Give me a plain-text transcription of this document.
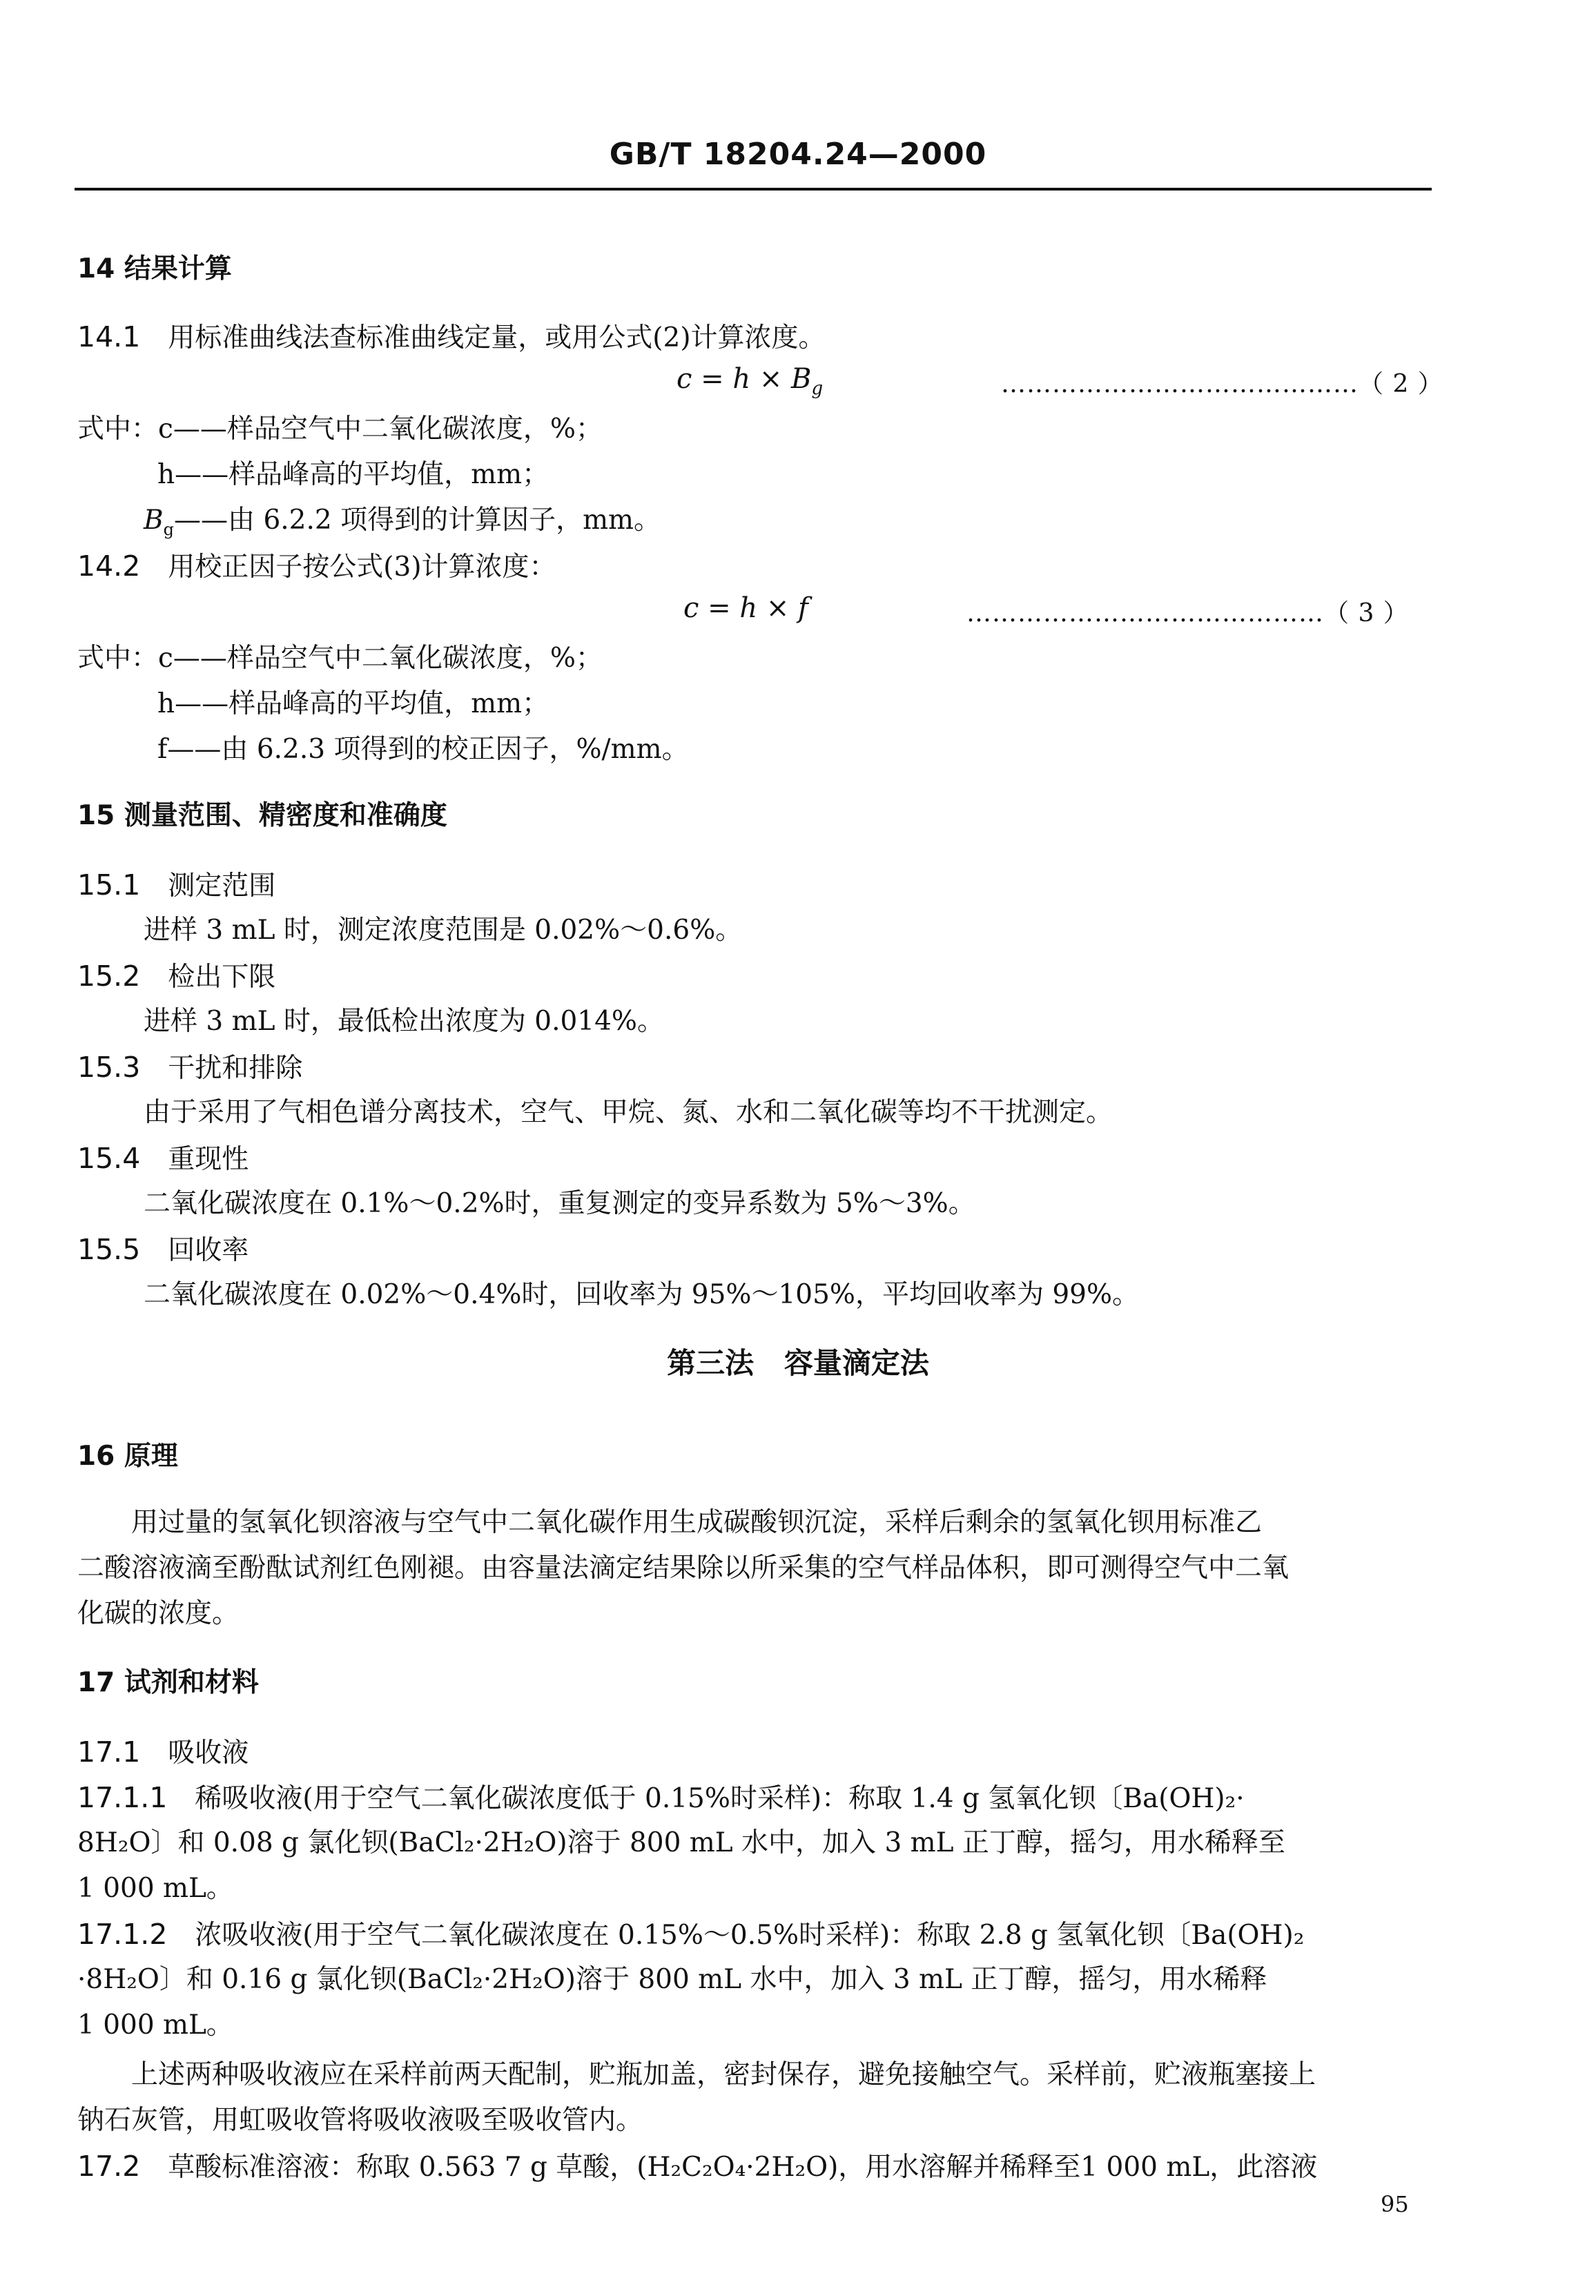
GB/T 18204.24—2000
14 结果计算
14.1 用标准曲线法查标准曲线定量，或用公式(2)计算浓度。
$c = h \times B_g$	……………………………………（ 2 ）
式中：c——样品空气中二氧化碳浓度，%；
h——样品峰高的平均值，mm；
$B_g——$由 6.2.2 项得到的计算因子，mm。
14.2 用校正因子按公式(3)计算浓度：
c = h × f	……………………………………（ 3 ）
式中：c——样品空气中二氧化碳浓度，%；
h——样品峰高的平均值，mm；
f——由 6.2.3 项得到的校正因子，%/mm。
15 测量范围、精密度和准确度
15.1 测定范围
进样 3 mL 时，测定浓度范围是 0.02%～0.6%。
15.2 检出下限
进样 3 mL 时，最低检出浓度为 0.014%。
15.3 干扰和排除
由于采用了气相色谱分离技术，空气、甲烷、氮、水和二氧化碳等均不干扰测定。
15.4 重现性
二氧化碳浓度在 0.1%～0.2%时，重复测定的变异系数为 5%～3%。
15.5 回收率
二氧化碳浓度在 0.02%～0.4%时，回收率为 95%～105%，平均回收率为 99%。
第三法   容量滴定法
16 原理
用过量的氢氧化钡溶液与空气中二氧化碳作用生成碳酸钡沉淀，采样后剩余的氢氧化钡用标准乙
二酸溶液滴至酚酞试剂红色刚褪。由容量法滴定结果除以所采集的空气样品体积，即可测得空气中二氧
化碳的浓度。
17 试剂和材料
17.1 吸收液
17.1.1 稀吸收液(用于空气二氧化碳浓度低于 0.15%时采样)：称取 1.4 g 氢氧化钡〔Ba(OH)₂·
8H₂O〕和 0.08 g 氯化钡(BaCl₂·2H₂O)溶于 800 mL 水中，加入 3 mL 正丁醇，摇匀，用水稀释至
1 000 mL。
17.1.2 浓吸收液(用于空气二氧化碳浓度在 0.15%～0.5%时采样)：称取 2.8 g 氢氧化钡〔Ba(OH)₂
·8H₂O〕和 0.16 g 氯化钡(BaCl₂·2H₂O)溶于 800 mL 水中，加入 3 mL 正丁醇，摇匀，用水稀释
1 000 mL。
上述两种吸收液应在采样前两天配制，贮瓶加盖，密封保存，避免接触空气。采样前，贮液瓶塞接上
钠石灰管，用虹吸收管将吸收液吸至吸收管内。
17.2 草酸标准溶液：称取 0.563 7 g 草酸，(H₂C₂O₄·2H₂O)，用水溶解并稀释至1 000 mL，此溶液
95
